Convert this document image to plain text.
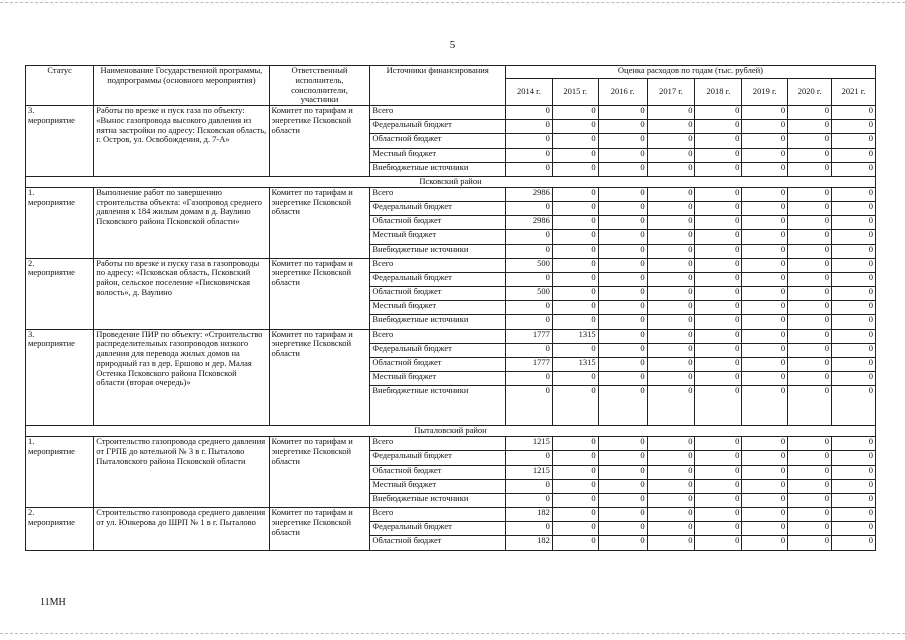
5
Статус	Наименование Государственной программы, подпрограммы (основного мероприятия)	Ответственный исполнитель, соисполнители, участники	Источники финансирования	Оценка расходов по годам (тыс. рублей)							
				2014 г.	2015 г.	2016 г.	2017 г.	2018 г.	2019 г.	2020 г.	2021 г.
3.
мероприятие	Работы по врезке и пуск газа по объекту: «Вынос газопровода высокого давления из пятна застройки по адресу: Псковская область, г. Остров, ул. Освобождения, д. 7-А»	Комитет по тарифам и энергетике Псковской области	Всего	0	0	0	0	0	0	0	0
			Федеральный бюджет	0	0	0	0	0	0	0	0
			Областной бюджет	0	0	0	0	0	0	0	0
			Местный бюджет	0	0	0	0	0	0	0	0
			Внебюджетные источники	0	0	0	0	0	0	0	0
Псковский район											
1.
мероприятие	Выполнение работ по завершению строительства объекта: «Газопровод среднего давления к 184 жилым домам в д. Ваулино Псковского района Псковской области»	Комитет по тарифам и энергетике Псковской области	Всего	2986	0	0	0	0	0	0	0
			Федеральный бюджет	0	0	0	0	0	0	0	0
			Областной бюджет	2986	0	0	0	0	0	0	0
			Местный бюджет	0	0	0	0	0	0	0	0
			Внебюджетные источники	0	0	0	0	0	0	0	0
2.
мероприятие	Работы по врезке и пуску газа в газопроводы по адресу: «Псковская область, Псковский район, сельское поселение «Писковичская волость», д. Ваулино	Комитет по тарифам и энергетике Псковской области	Всего	500	0	0	0	0	0	0	0
			Федеральный бюджет	0	0	0	0	0	0	0	0
			Областной бюджет	500	0	0	0	0	0	0	0
			Местный бюджет	0	0	0	0	0	0	0	0
			Внебюджетные источники	0	0	0	0	0	0	0	0
3.
мероприятие	Проведение ПИР по объекту: «Строительство распределительных газопроводов низкого давления для перевода жилых домов на природный газ в дер. Ершово и дер. Малая Остенка Псковского района Псковской области (вторая очередь)»	Комитет по тарифам и энергетике Псковской области	Всего	1777	1315	0	0	0	0	0	0
			Федеральный бюджет	0	0	0	0	0	0	0	0
			Областной бюджет	1777	1315	0	0	0	0	0	0
			Местный бюджет	0	0	0	0	0	0	0	0
			Внебюджетные источники	0	0	0	0	0	0	0	0
Пыталовский район											
1.
мероприятие	Строительство газопровода среднего давления от ГРПБ до котельной № 3 в г. Пыталово Пыталовского района Псковской области	Комитет по тарифам и энергетике Псковской области	Всего	1215	0	0	0	0	0	0	0
			Федеральный бюджет	0	0	0	0	0	0	0	0
			Областной бюджет	1215	0	0	0	0	0	0	0
			Местный бюджет	0	0	0	0	0	0	0	0
			Внебюджетные источники	0	0	0	0	0	0	0	0
2.
мероприятие	Строительство газопровода среднего давления от ул. Юнкерова до ШРП № 1 в г. Пыталово	Комитет по тарифам и энергетике Псковской области	Всего	182	0	0	0	0	0	0	0
			Федеральный бюджет	0	0	0	0	0	0	0	0
			Областной бюджет	182	0	0	0	0	0	0	0
11МН
